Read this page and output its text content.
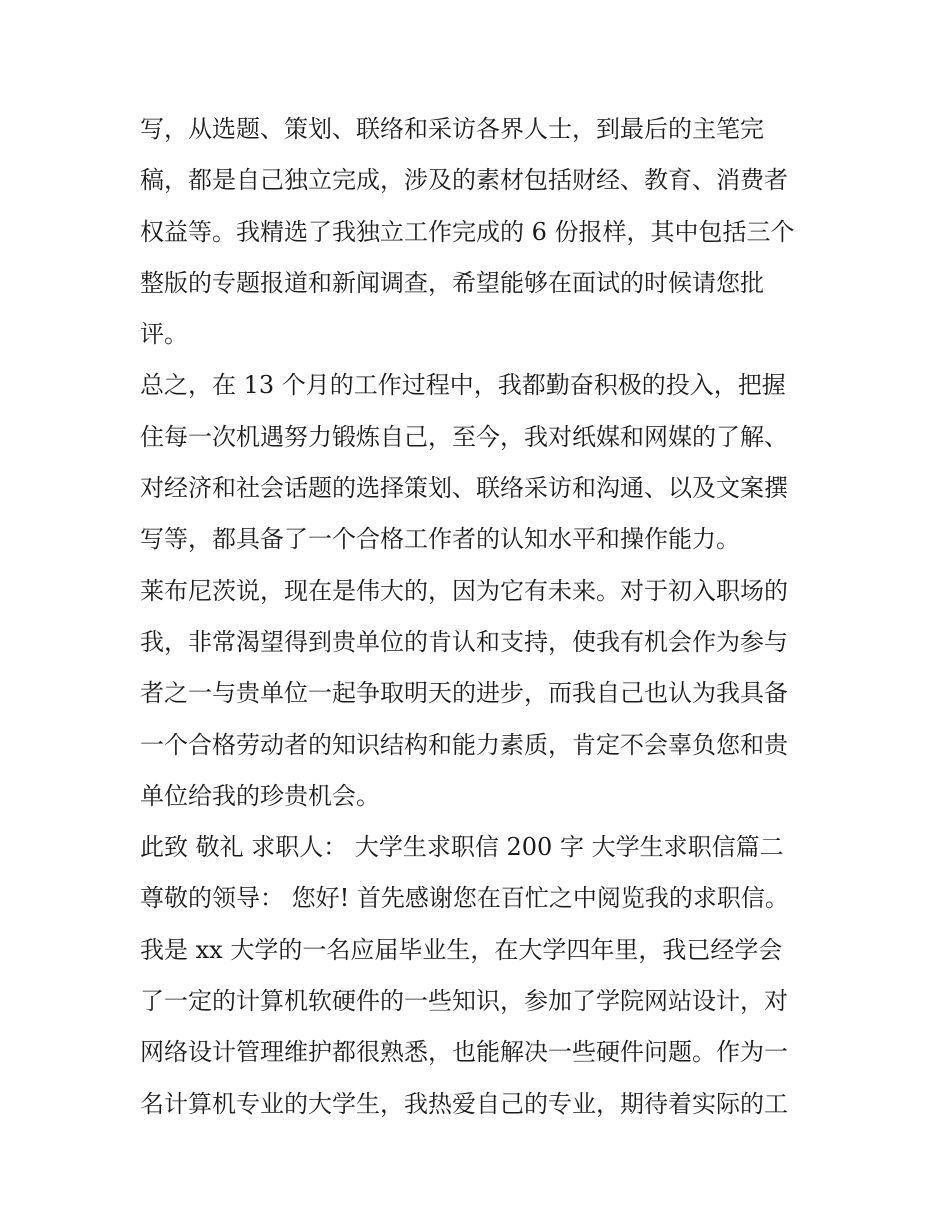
写，从选题、策划、联络和采访各界人士，到最后的主笔完
稿，都是自己独立完成，涉及的素材包括财经、教育、消费者
权益等。我精选了我独立工作完成的 6 份报样，其中包括三个
整版的专题报道和新闻调查，希望能够在面试的时候请您批
评。
总之，在 13 个月的工作过程中，我都勤奋积极的投入，把握
住每一次机遇努力锻炼自己，至今，我对纸媒和网媒的了解、
对经济和社会话题的选择策划、联络采访和沟通、以及文案撰
写等，都具备了一个合格工作者的认知水平和操作能力。
莱布尼茨说，现在是伟大的，因为它有未来。对于初入职场的
我，非常渴望得到贵单位的肯认和支持，使我有机会作为参与
者之一与贵单位一起争取明天的进步，而我自己也认为我具备
一个合格劳动者的知识结构和能力素质，肯定不会辜负您和贵
单位给我的珍贵机会。
此致 敬礼 求职人： 大学生求职信 200 字 大学生求职信篇二
尊敬的领导： 您好! 首先感谢您在百忙之中阅览我的求职信。
我是 xx 大学的一名应届毕业生，在大学四年里，我已经学会
了一定的计算机软硬件的一些知识，参加了学院网站设计，对
网络设计管理维护都很熟悉，也能解决一些硬件问题。作为一
名计算机专业的大学生，我热爱自己的专业，期待着实际的工
